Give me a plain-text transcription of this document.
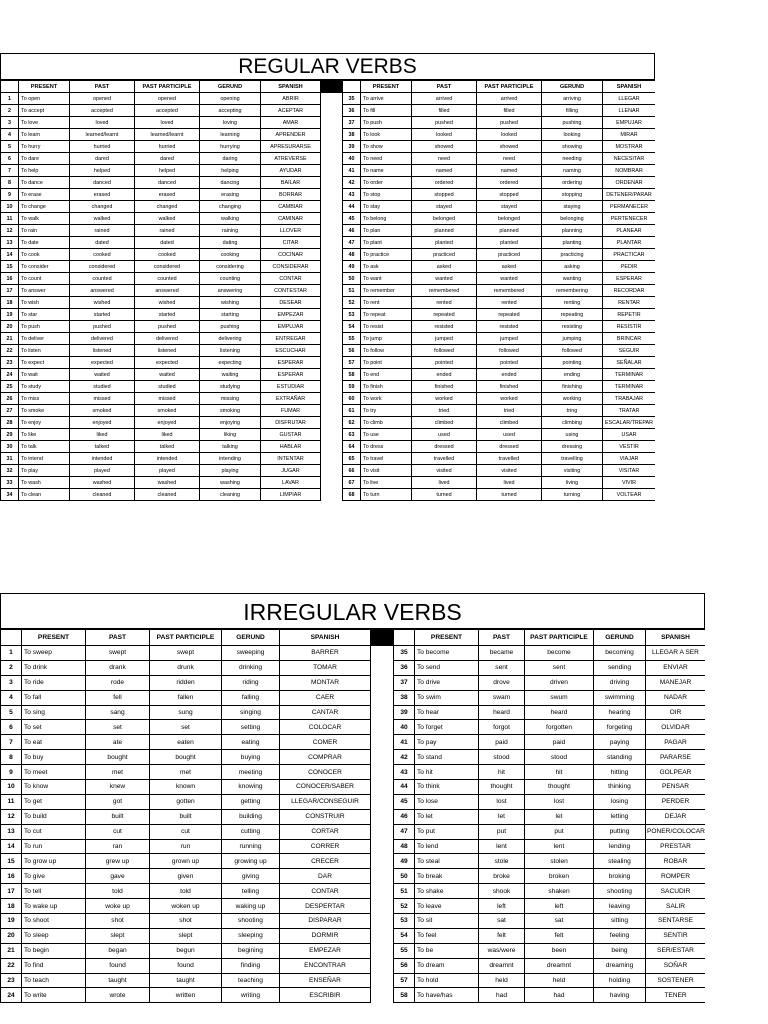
REGULAR VERBS
	PRESENT	PAST	PAST PARTICIPLE	GERUND	SPANISH			PRESENT	PAST	PAST PARTICIPLE	GERUND	SPANISH
1	To open	opened	opened	opening	ABRIR		35	To arrive	arrived	arrived	arriving	LLEGAR
2	To accept	accepted	accepted	accepting	ACEPTAR		36	To fill	filled	filled	filling	LLENAR
3	To love	loved	loved	loving	AMAR		37	To push	pushed	pushed	pushing	EMPUJAR
4	To learn	learned/learnt	learned/learnt	learning	APRENDER		38	To look	looked	looked	looking	MIRAR
5	To hurry	hurried	hurried	hurrying	APRESURARSE		39	To show	showed	showed	showing	MOSTRAR
6	To dare	dared	dared	daring	ATREVERSE		40	To need	need	need	needing	NECESITAR
7	To help	helped	helped	helping	AYUDAR		41	To name	named	named	naming	NOMBRAR
8	To dance	danced	danced	dancing	BAILAR		42	To order	ordered	ordered	ordering	ORDENAR
9	To erase	erased	erased	erasing	BORRAR		43	To stop	stopped	stopped	stopping	DETENER/PARAR
10	To change	changed	changed	changing	CAMBIAR		44	To stay	stayed	stayed	staying	PERMANECER
11	To walk	walked	walked	walking	CAMINAR		45	To belong	belonged	belonged	belonging	PERTENECER
12	To rain	rained	rained	raining	LLOVER		46	To plan	planned	planned	planning	PLANEAR
13	To date	dated	dated	dating	CITAR		47	To plant	planted	planted	planting	PLANTAR
14	To cook	cooked	cooked	cooking	COCINAR		48	To practice	practiced	practiced	practicing	PRACTICAR
15	To consider	considered	considered	considering	CONSIDERAR		49	To ask	asked	asked	asking	PEDIR
16	To count	counted	counted	counting	CONTAR		50	To want	wanted	wanted	wanting	ESPERAR
17	To answer	answered	answered	answering	CONTESTAR		51	To remember	remembered	remembered	remembering	RECORDAR
18	To wish	wished	wished	wishing	DESEAR		52	To rent	rented	rented	renting	RENTAR
19	To star	started	started	starting	EMPEZAR		53	To repeat	repeated	repeated	repeating	REPETIR
20	To push	pushed	pushed	pushing	EMPUJAR		54	To resist	resisted	resisted	resisting	RESISTIR
21	To deliver	delivered	delivered	delivering	ENTREGAR		55	To jump	jumped	jumped	jumping	BRINCAR
22	To listen	listened	listened	listening	ESCUCHAR		56	To follow	followed	followed	followed	SEGUIR
23	To expect	expected	expected	expecting	ESPERAR		57	To point	pointed	pointed	pointing	SEÑALAR
24	To wait	waited	waited	waiting	ESPERAR		58	To end	ended	ended	ending	TERMINAR
25	To study	studied	studied	studying	ESTUDIAR		59	To finish	finished	finished	finishing	TERMINAR
26	To miss	missed	missed	missing	EXTRAÑAR		60	To work	worked	worked	working	TRABAJAR
27	To smoke	smoked	smoked	smoking	FUMAR		61	To try	tried	tried	tring	TRATAR
28	To enjoy	enjoyed	enjoyed	enjoying	DISFRUTAR		62	To climb	climbed	climbed	climbing	ESCALAR/TREPAR
29	To like	liked	liked	liking	GUSTAR		63	To use	used	used	using	USAR
30	To talk	talked	talked	talking	HABLAR		64	To dress	dressed	dressed	dressing	VESTIR
31	To intend	intended	intended	intending	INTENTAR		65	To travel	travelled	travelled	travelling	VIAJAR
32	To play	played	played	playing	JUGAR		66	To visit	visited	visited	visiting	VISITAR
33	To wash	washed	washed	washing	LAVAR		67	To live	lived	lived	living	VIVIR
34	To clean	cleaned	cleaned	cleaning	LIMPIAR		68	To turn	turned	turned	turning	VOLTEAR
IRREGULAR VERBS
	PRESENT	PAST	PAST PARTICIPLE	GERUND	SPANISH			PRESENT	PAST	PAST PARTICIPLE	GERUND	SPANISH
1	To sweep	swept	swept	sweeping	BARRER		35	To become	became	become	becoming	LLEGAR A SER
2	To drink	drank	drunk	drinking	TOMAR		36	To send	sent	sent	sending	ENVIAR
3	To ride	rode	ridden	riding	MONTAR		37	To drive	drove	driven	driving	MANEJAR
4	To fall	fell	fallen	falling	CAER		38	To swim	swam	swum	swimming	NADAR
5	To sing	sang	sung	singing	CANTAR		39	To hear	heard	heard	hearing	OIR
6	To set	set	set	setting	COLOCAR		40	To forget	forgot	forgotten	forgeting	OLVIDAR
7	To eat	ate	eaten	eating	COMER		41	To pay	paid	paid	paying	PAGAR
8	To buy	bought	bought	buying	COMPRAR		42	To stand	stood	stood	standing	PARARSE
9	To meet	met	met	meeting	CONOCER		43	To hit	hit	hit	hitting	GOLPEAR
10	To know	knew	known	knowing	CONOCER/SABER		44	To think	thought	thought	thinking	PENSAR
11	To get	got	gotten	getting	LLEGAR/CONSEGUIR		45	To lose	lost	lost	losing	PERDER
12	To build	built	built	building	CONSTRUIR		46	To let	let	let	letting	DEJAR
13	To cut	cut	cut	cutting	CORTAR		47	To put	put	put	putting	PONER/COLOCAR
14	To run	ran	run	running	CORRER		48	To lend	lent	lent	lending	PRESTAR
15	To grow up	grew up	grown up	growing up	CRECER		49	To steal	stole	stolen	stealing	ROBAR
16	To give	gave	given	giving	DAR		50	To break	broke	broken	broking	ROMPER
17	To tell	told	told	telling	CONTAR		51	To shake	shook	shaken	shooting	SACUDIR
18	To wake up	woke up	woken up	waking up	DESPERTAR		52	To leave	left	left	leaving	SALIR
19	To shoot	shot	shot	shooting	DISPARAR		53	To sit	sat	sat	sitting	SENTARSE
20	To sleep	slept	slept	sleeping	DORMIR		54	To feel	felt	felt	feeling	SENTIR
21	To begin	began	begun	begining	EMPEZAR		55	To be	was/were	been	being	SER/ESTAR
22	To find	found	found	finding	ENCONTRAR		56	To dream	dreamnt	dreamnt	dreaming	SOÑAR
23	To teach	taught	taught	teaching	ENSEÑAR		57	To hold	held	held	holding	SOSTENER
24	To write	wrote	written	writing	ESCRIBIR		58	To have/has	had	had	having	TENER
